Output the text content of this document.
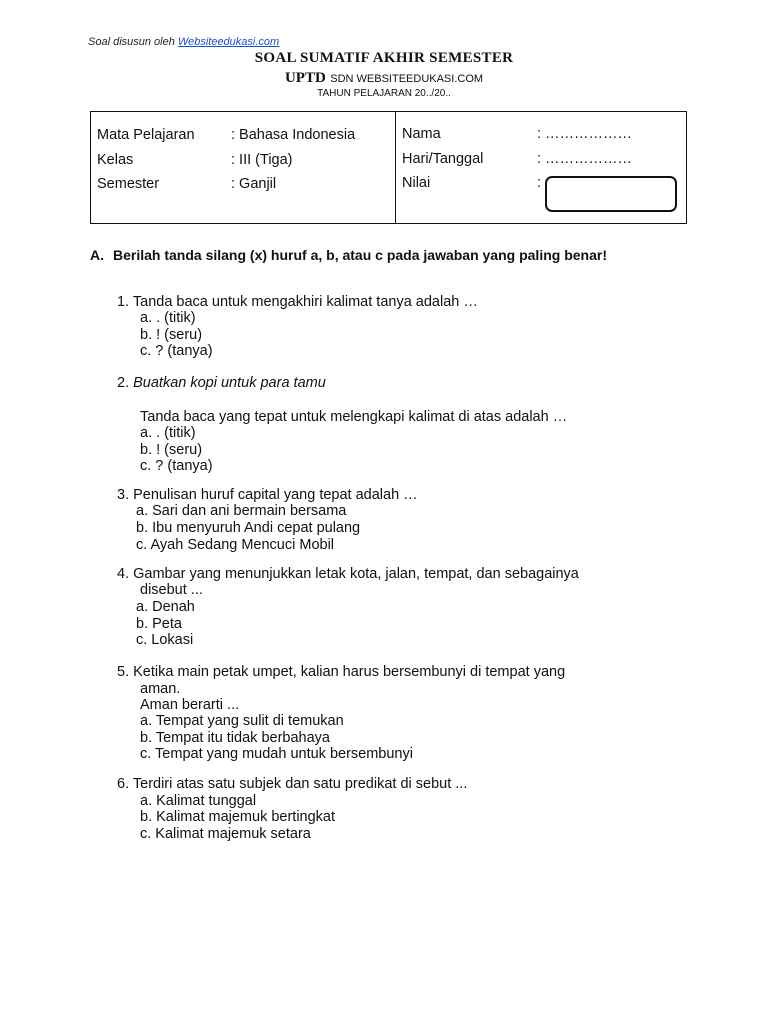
Soal disusun oleh Websiteedukasi.com
SOAL SUMATIF AKHIR SEMESTER
UPTD SDN WEBSITEEDUKASI.COM
TAHUN PELAJARAN 20../20..
Mata Pelajaran	: Bahasa Indonesia
Kelas	: III (Tiga)
Semester	: Ganjil
Nama	: ………………
Hari/Tanggal	: ………………
Nilai	:
A. Berilah tanda silang (x) huruf a, b, atau c pada jawaban yang paling benar!
1. Tanda baca untuk mengakhiri kalimat tanya adalah …
a. . (titik)
b. ! (seru)
c. ? (tanya)
2. Buatkan kopi untuk para tamu
Tanda baca yang tepat untuk melengkapi kalimat di atas adalah …
a. . (titik)
b. ! (seru)
c. ? (tanya)
3. Penulisan huruf capital yang tepat adalah …
a. Sari dan ani bermain bersama
b. Ibu menyuruh Andi cepat pulang
c. Ayah Sedang Mencuci Mobil
4. Gambar yang menunjukkan letak kota, jalan, tempat, dan sebagainya
disebut ...
a. Denah
b. Peta
c. Lokasi
5. Ketika main petak umpet, kalian harus bersembunyi di tempat yang
aman.
Aman berarti ...
a. Tempat yang sulit di temukan
b. Tempat itu tidak berbahaya
c. Tempat yang mudah untuk bersembunyi
6. Terdiri atas satu subjek dan satu predikat di sebut ...
a. Kalimat tunggal
b. Kalimat majemuk bertingkat
c. Kalimat majemuk setara
